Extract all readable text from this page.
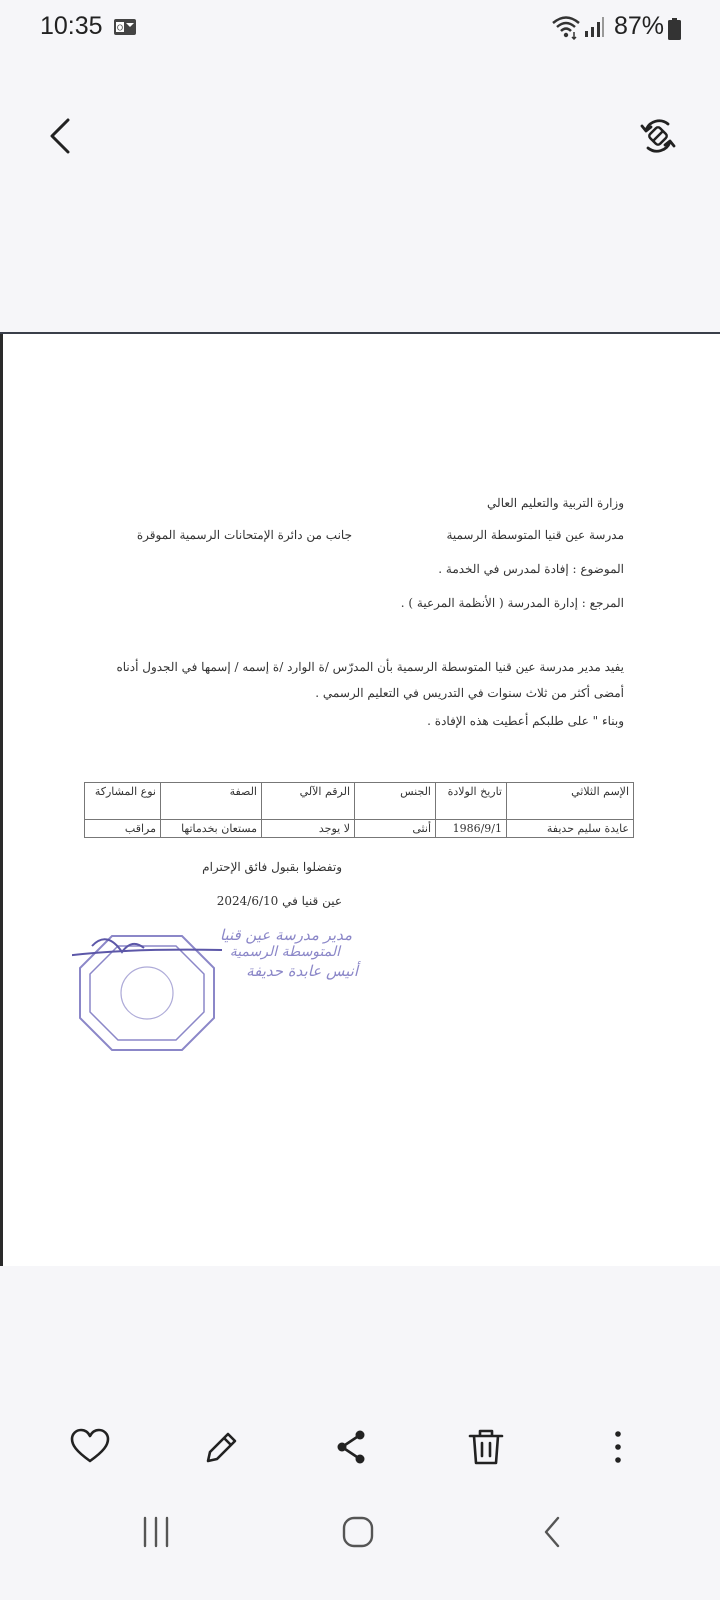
10:35 O	87%
وزارة التربية والتعليم العالي
مدرسة عين قنيا المتوسطة الرسمية
جانب من دائرة الإمتحانات الرسمية الموقرة
الموضوع : إفادة لمدرس في الخدمة .
المرجع : إدارة المدرسة ( الأنظمة المرعية ) .
يفيد مدير مدرسة عين قنيا المتوسطة الرسمية بأن المدرّس /ة الوارد /ة إسمه / إسمها في الجدول أدناه
أمضى أكثر من ثلاث سنوات في التدريس في التعليم الرسمي .
وبناء " على طلبكم أعطيت هذه الإفادة .
الإسم الثلاثي	تاريخ الولادة	الجنس	الرقم الآلي	الصفة	نوع المشاركة
عايدة سليم حديفة	1986/9/1	أنثى	لا يوجد	مستعان بخدماتها	مراقب
وتفضلوا بقبول فائق الإحترام
عين قنيا في 2024/6/10
مدير مدرسة عين قنيا
المتوسطة الرسمية
أنيس عابدة حديفة
